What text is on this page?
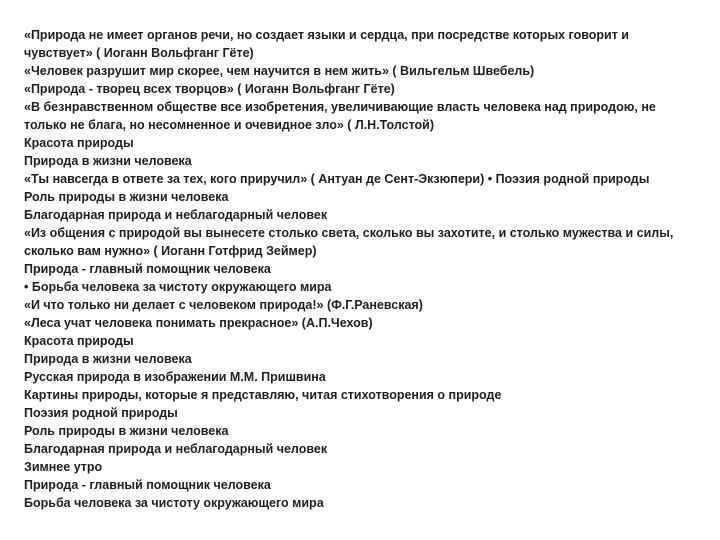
«Природа не имеет органов речи, но создает языки и сердца, при посредстве которых говорит и чувствует» ( Иоганн Вольфганг Гёте)

«Человек разрушит мир скорее, чем научится в нем жить» ( Вильгельм Швебель)

«Природа - творец всех творцов» ( Иоганн Вольфганг Гёте)

«В безнравственном обществе все изобретения, увеличивающие власть человека над природою, не только не блага, но несомненное и очевидное зло» ( Л.Н.Толстой)

Красота природы

Природа в жизни человека

«Ты навсегда в ответе за тех, кого приручил» ( Антуан де Сент-Экзюпери) • Поэзия родной природы

Роль природы в жизни человека

Благодарная природа и неблагодарный человек

«Из общения с природой вы вынесете столько света, сколько вы захотите, и столько мужества и силы, сколько вам нужно» ( Иоганн Готфрид Зеймер)

Природа - главный помощник человека

• Борьба человека за чистоту окружающего мира

«И что только ни делает с человеком природа!» (Ф.Г.Раневская)

«Леса учат человека понимать прекрасное» (А.П.Чехов)

Красота природы

Природа в жизни человека

Русская природа в изображении М.М. Пришвина

Картины природы, которые я представляю, читая стихотворения о природе

Поэзия родной природы

Роль природы в жизни человека

Благодарная природа и неблагодарный человек

Зимнее утро

Природа - главный помощник человека

Борьба человека за чистоту окружающего мира
